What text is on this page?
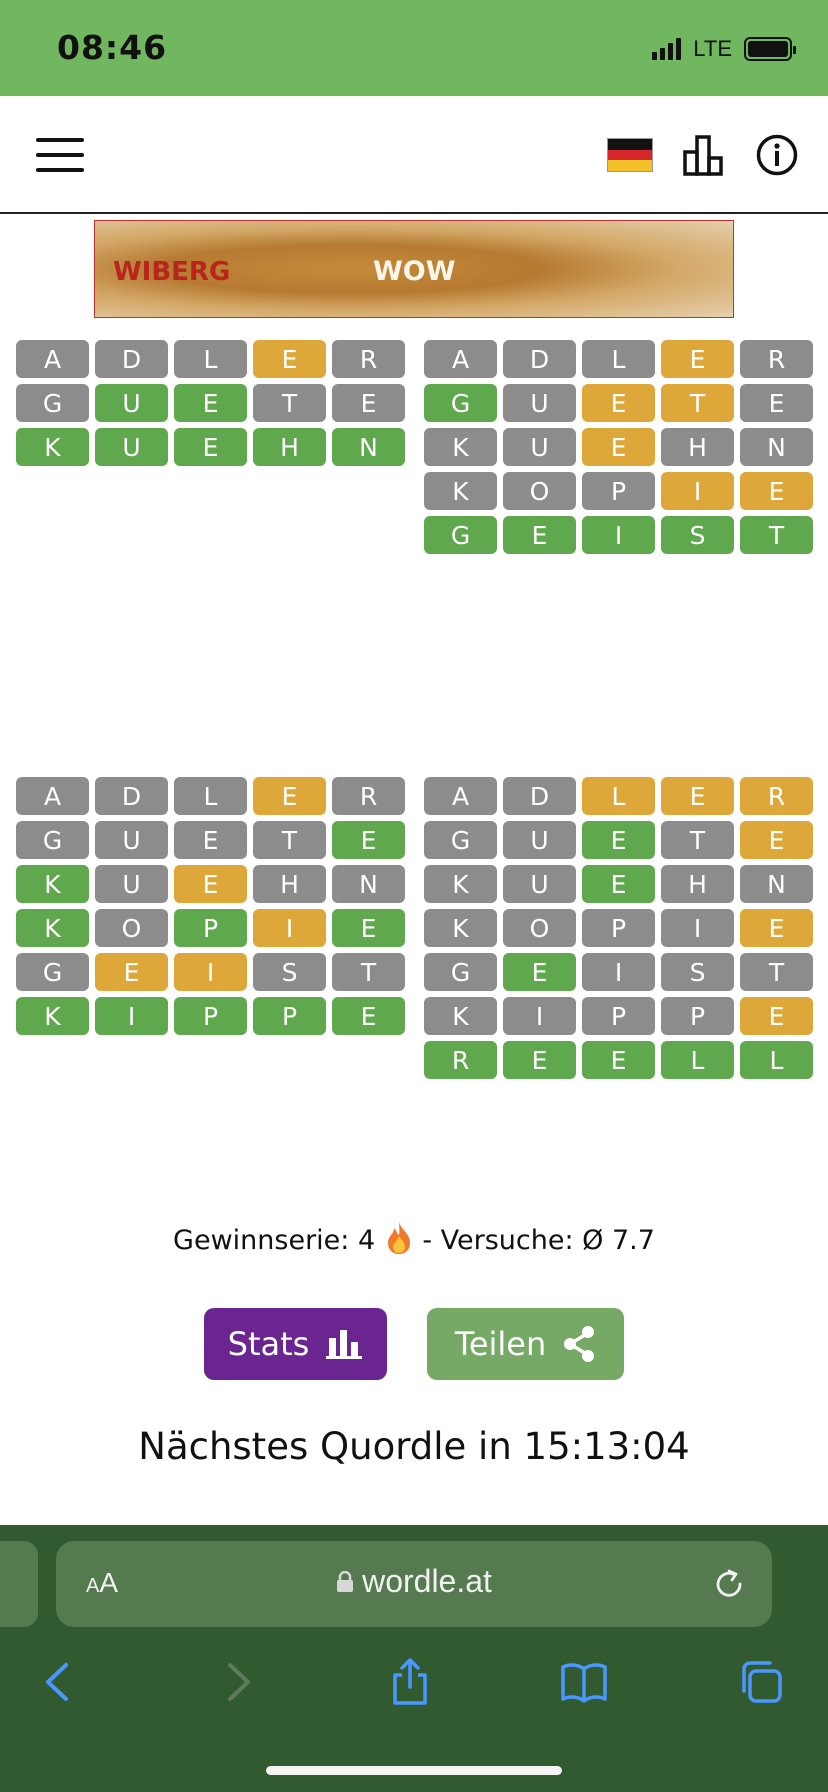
08:46	LTE
WIBERG	WOW
A	D	L	E	R
G	U	E	T	E
K	U	E	H	N
A	D	L	E	R
G	U	E	T	E
K	U	E	H	N
K	O	P	I	E
G	E	I	S	T
A	D	L	E	R
G	U	E	T	E
K	U	E	H	N
K	O	P	I	E
G	E	I	S	T
K	I	P	P	E
A	D	L	E	R
G	U	E	T	E
K	U	E	H	N
K	O	P	I	E
G	E	I	S	T
K	I	P	P	E
R	E	E	L	L
Gewinnserie: 4  - Versuche: Ø 7.7
Stats	Teilen
Nächstes Quordle in 15:13:04
AA	wordle.at
